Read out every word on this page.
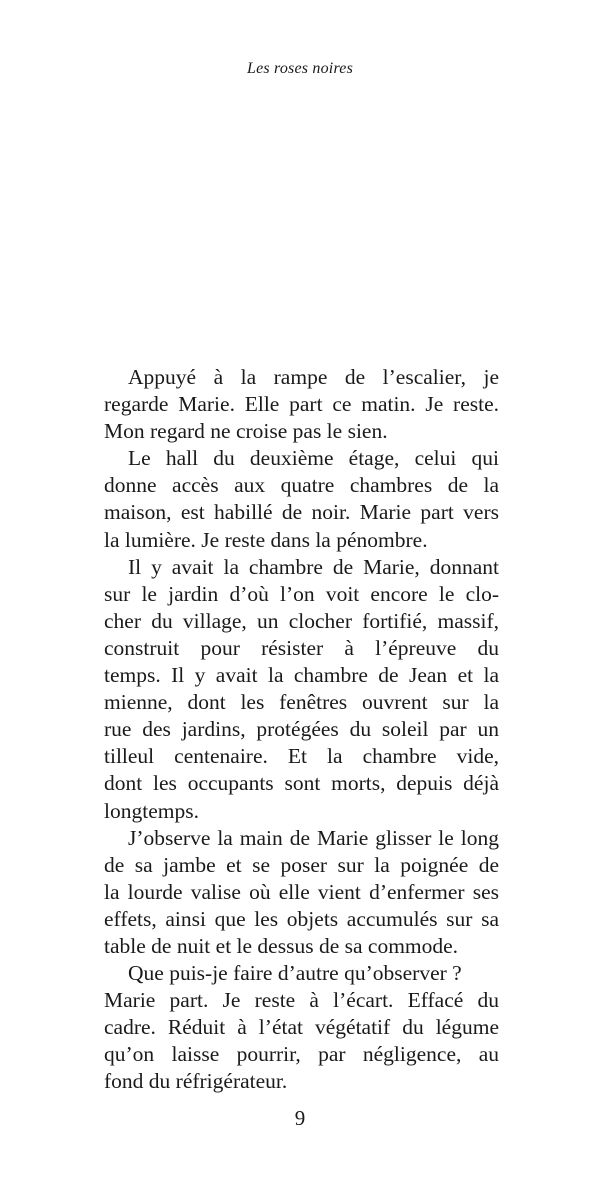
Les roses noires

Appuyé à la rampe de l’escalier, je
regarde Marie. Elle part ce matin. Je reste.
Mon regard ne croise pas le sien.

Le hall du deuxième étage, celui qui
donne accès aux quatre chambres de la
maison, est habillé de noir. Marie part vers
la lumière. Je reste dans la pénombre.

Il y avait la chambre de Marie, donnant
sur le jardin d’où l’on voit encore le clo-
cher du village, un clocher fortifié, massif,
construit pour résister à l’épreuve du
temps. Il y avait la chambre de Jean et la
mienne, dont les fenêtres ouvrent sur la
rue des jardins, protégées du soleil par un
tilleul centenaire. Et la chambre vide,
dont les occupants sont morts, depuis déjà
longtemps.

J’observe la main de Marie glisser le long
de sa jambe et se poser sur la poignée de
la lourde valise où elle vient d’enfermer ses
effets, ainsi que les objets accumulés sur sa
table de nuit et le dessus de sa commode.

Que puis-je faire d’autre qu’observer ?
Marie part. Je reste à l’écart. Effacé du
cadre. Réduit à l’état végétatif du légume
qu’on laisse pourrir, par négligence, au
fond du réfrigérateur.

9
